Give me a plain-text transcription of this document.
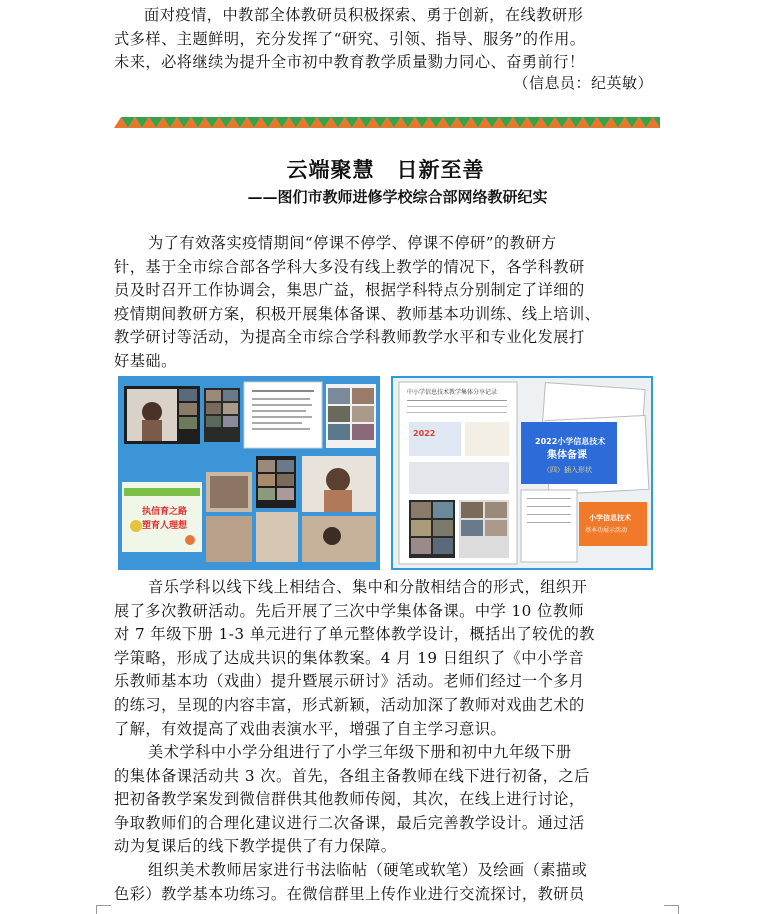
面对疫情，中教部全体教研员积极探索、勇于创新，在线教研形
式多样、主题鲜明，充分发挥了“研究、引领、指导、服务”的作用。
未来，必将继续为提升全市初中教育教学质量勠力同心、奋勇前行！
（信息员：纪英敏）
云端聚慧　日新至善
——图们市教师进修学校综合部网络教研纪实
为了有效落实疫情期间“停课不停学、停课不停研”的教研方
针，基于全市综合部各学科大多没有线上教学的情况下，各学科教研
员及时召开工作协调会，集思广益，根据学科特点分别制定了详细的
疫情期间教研方案，积极开展集体备课、教师基本功训练、线上培训、
教学研讨等活动，为提高全市综合学科教师教学水平和专业化发展打
好基础。
执信育之路
塑育人理想
中小学信息技术教学集体分享记录
2022
2022小学信息技术
集体备课
（四）插入形状
小学信息技术
基本功展示活动
音乐学科以线下线上相结合、集中和分散相结合的形式，组织开
展了多次教研活动。先后开展了三次中学集体备课。中学 10 位教师
对 7 年级下册 1-3 单元进行了单元整体教学设计，概括出了较优的教
学策略，形成了达成共识的集体教案。4 月 19 日组织了《中小学音
乐教师基本功（戏曲）提升暨展示研讨》活动。老师们经过一个多月
的练习，呈现的内容丰富，形式新颖，活动加深了教师对戏曲艺术的
了解，有效提高了戏曲表演水平，增强了自主学习意识。
美术学科中小学分组进行了小学三年级下册和初中九年级下册
的集体备课活动共 3 次。首先，各组主备教师在线下进行初备，之后
把初备教学案发到微信群供其他教师传阅，其次，在线上进行讨论，
争取教师们的合理化建议进行二次备课，最后完善教学设计。通过活
动为复课后的线下教学提供了有力保障。
组织美术教师居家进行书法临帖（硬笔或软笔）及绘画（素描或
色彩）教学基本功练习。在微信群里上传作业进行交流探讨，教研员
